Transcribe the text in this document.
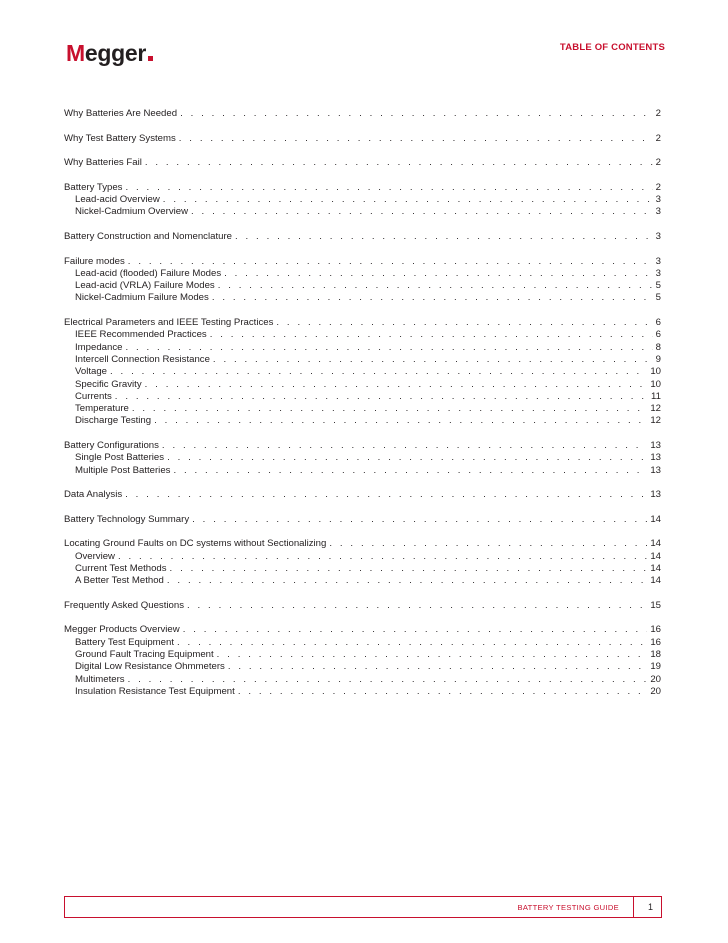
Megger	TABLE OF CONTENTS
Why Batteries Are Needed . . .	2
Why Test Battery Systems . . .	2
Why Batteries Fail . . .	2
Battery Types . . .	2
Lead-acid Overview . . .	3
Nickel-Cadmium Overview . . .	3
Battery Construction and Nomenclature . . .	3
Failure modes . . .	3
Lead-acid (flooded) Failure Modes . . .	3
Lead-acid (VRLA) Failure Modes . . .	5
Nickel-Cadmium Failure Modes . . .	5
Electrical Parameters and IEEE Testing Practices . . .	6
IEEE Recommended Practices . . .	6
Impedance . . .	8
Intercell Connection Resistance . . .	9
Voltage . . .	10
Specific Gravity . . .	10
Currents . . .	11
Temperature . . .	12
Discharge Testing . . .	12
Battery Configurations . . .	13
Single Post Batteries . . .	13
Multiple Post Batteries . . .	13
Data Analysis . . .	13
Battery Technology Summary . . .	14
Locating Ground Faults on DC systems without Sectionalizing . . .	14
Overview . . .	14
Current Test Methods . . .	14
A Better Test Method . . .	14
Frequently Asked Questions . . .	15
Megger Products Overview . . .	16
Battery Test Equipment . . .	16
Ground Fault Tracing Equipment . . .	18
Digital Low Resistance Ohmmeters . . .	19
Multimeters . . .	20
Insulation Resistance Test Equipment . . .	20
BATTERY TESTING GUIDE	1
